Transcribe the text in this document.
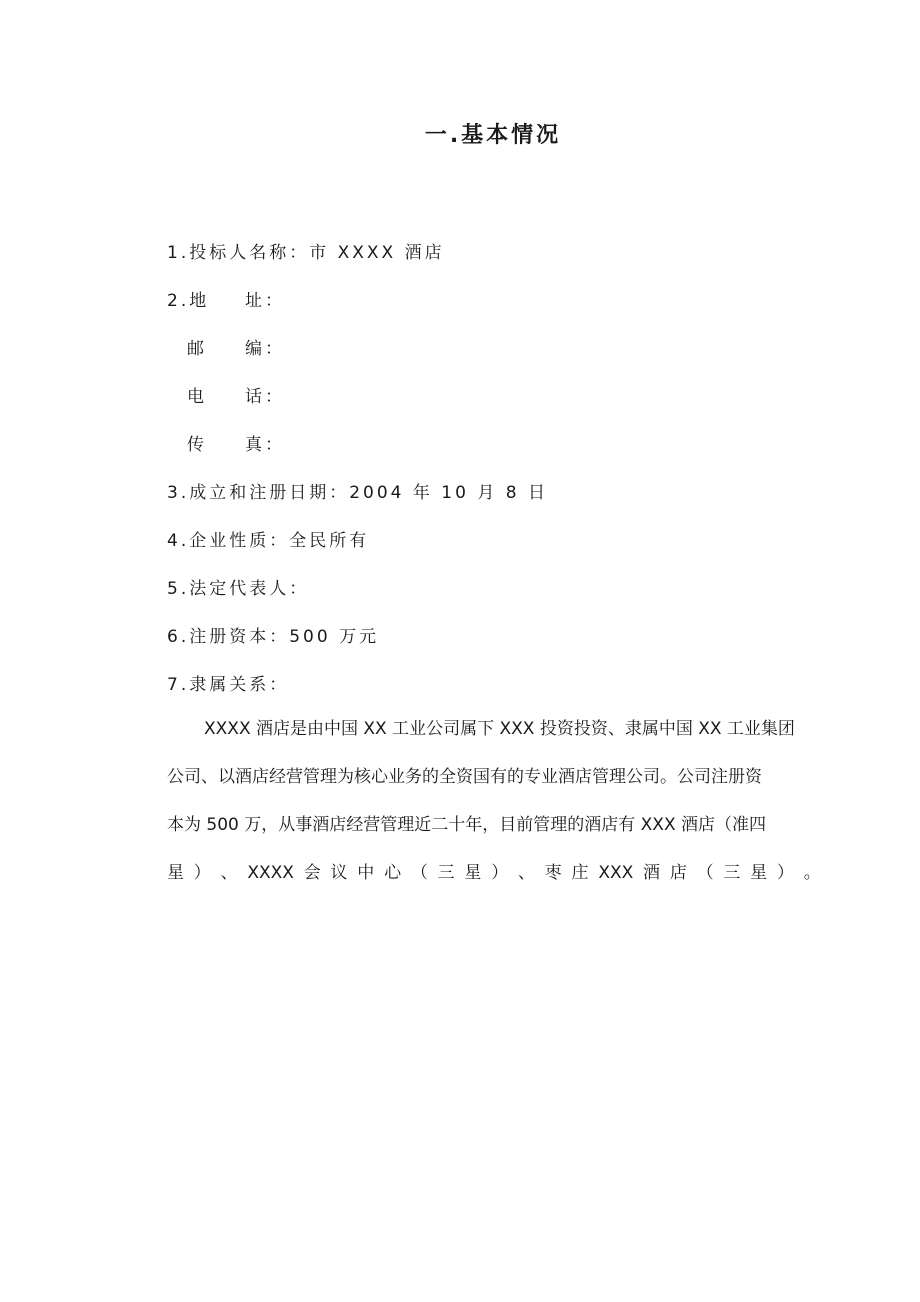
一.基本情况
1.投标人名称：市 XXXX 酒店
2.地 址：
邮 编：
电 话：
传 真：
3.成立和注册日期：2004 年 10 月 8 日
4.企业性质：全民所有
5.法定代表人：
6.注册资本：500 万元
7.隶属关系：
XXXX 酒店是由中国 XX 工业公司属下 XXX 投资投资、隶属中国 XX 工业集团
公司、以酒店经营管理为核心业务的全资国有的专业酒店管理公司。公司注册资
本为 500 万，从事酒店经营管理近二十年，目前管理的酒店有 XXX 酒店（准四
星 ） 、 XXXX 会 议 中 心 （ 三 星 ） 、 枣 庄 XXX 酒 店 （ 三 星 ） 。
